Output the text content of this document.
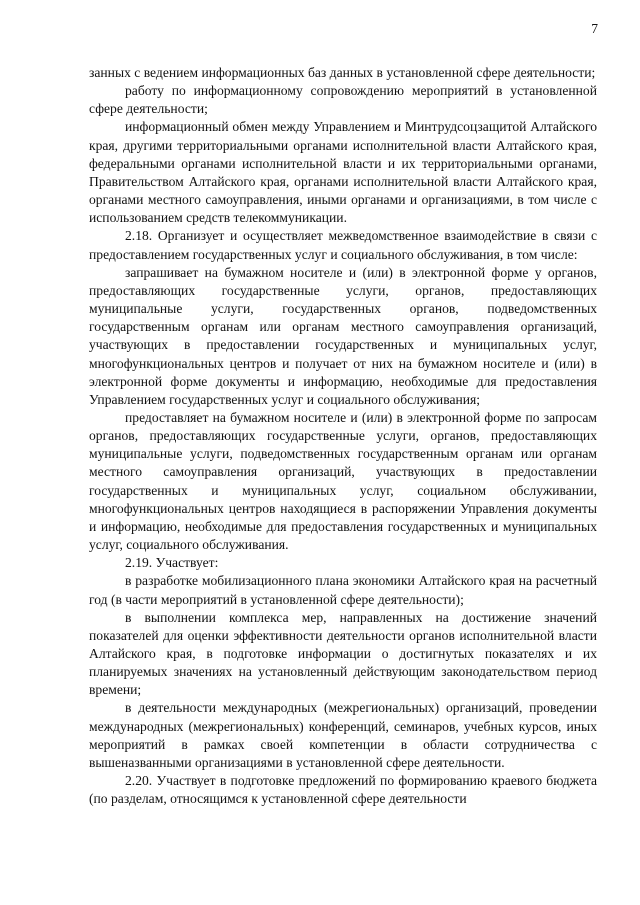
7

занных с ведением информационных баз данных в установленной сфере деятельности;

работу по информационному сопровождению мероприятий в установленной сфере деятельности;

информационный обмен между Управлением и Минтрудсоцзащитой Алтайского края, другими территориальными органами исполнительной власти Алтайского края, федеральными органами исполнительной власти и их территориальными органами, Правительством Алтайского края, органами исполнительной власти Алтайского края, органами местного самоуправления, иными органами и организациями, в том числе с использованием средств телекоммуникации.

2.18. Организует и осуществляет межведомственное взаимодействие в связи с предоставлением государственных услуг и социального обслуживания, в том числе:

запрашивает на бумажном носителе и (или) в электронной форме у органов, предоставляющих государственные услуги, органов, предоставляющих муниципальные услуги, государственных органов, подведомственных государственным органам или органам местного самоуправления организаций, участвующих в предоставлении государственных и муниципальных услуг, многофункциональных центров и получает от них на бумажном носителе и (или) в электронной форме документы и информацию, необходимые для предоставления Управлением государственных услуг и социального обслуживания;

предоставляет на бумажном носителе и (или) в электронной форме по запросам органов, предоставляющих государственные услуги, органов, предоставляющих муниципальные услуги, подведомственных государственным органам или органам местного самоуправления организаций, участвующих в предоставлении государственных и муниципальных услуг, социальном обслуживании, многофункциональных центров находящиеся в распоряжении Управления документы и информацию, необходимые для предоставления государственных и муниципальных услуг, социального обслуживания.

2.19. Участвует:

в разработке мобилизационного плана экономики Алтайского края на расчетный год (в части мероприятий в установленной сфере деятельности);

в выполнении комплекса мер, направленных на достижение значений показателей для оценки эффективности деятельности органов исполнительной власти Алтайского края, в подготовке информации о достигнутых показателях и их планируемых значениях на установленный действующим законодательством период времени;

в деятельности международных (межрегиональных) организаций, проведении международных (межрегиональных) конференций, семинаров, учебных курсов, иных мероприятий в рамках своей компетенции в области сотрудничества с вышеназванными организациями в установленной сфере деятельности.

2.20. Участвует в подготовке предложений по формированию краевого бюджета (по разделам, относящимся к установленной сфере деятельности
